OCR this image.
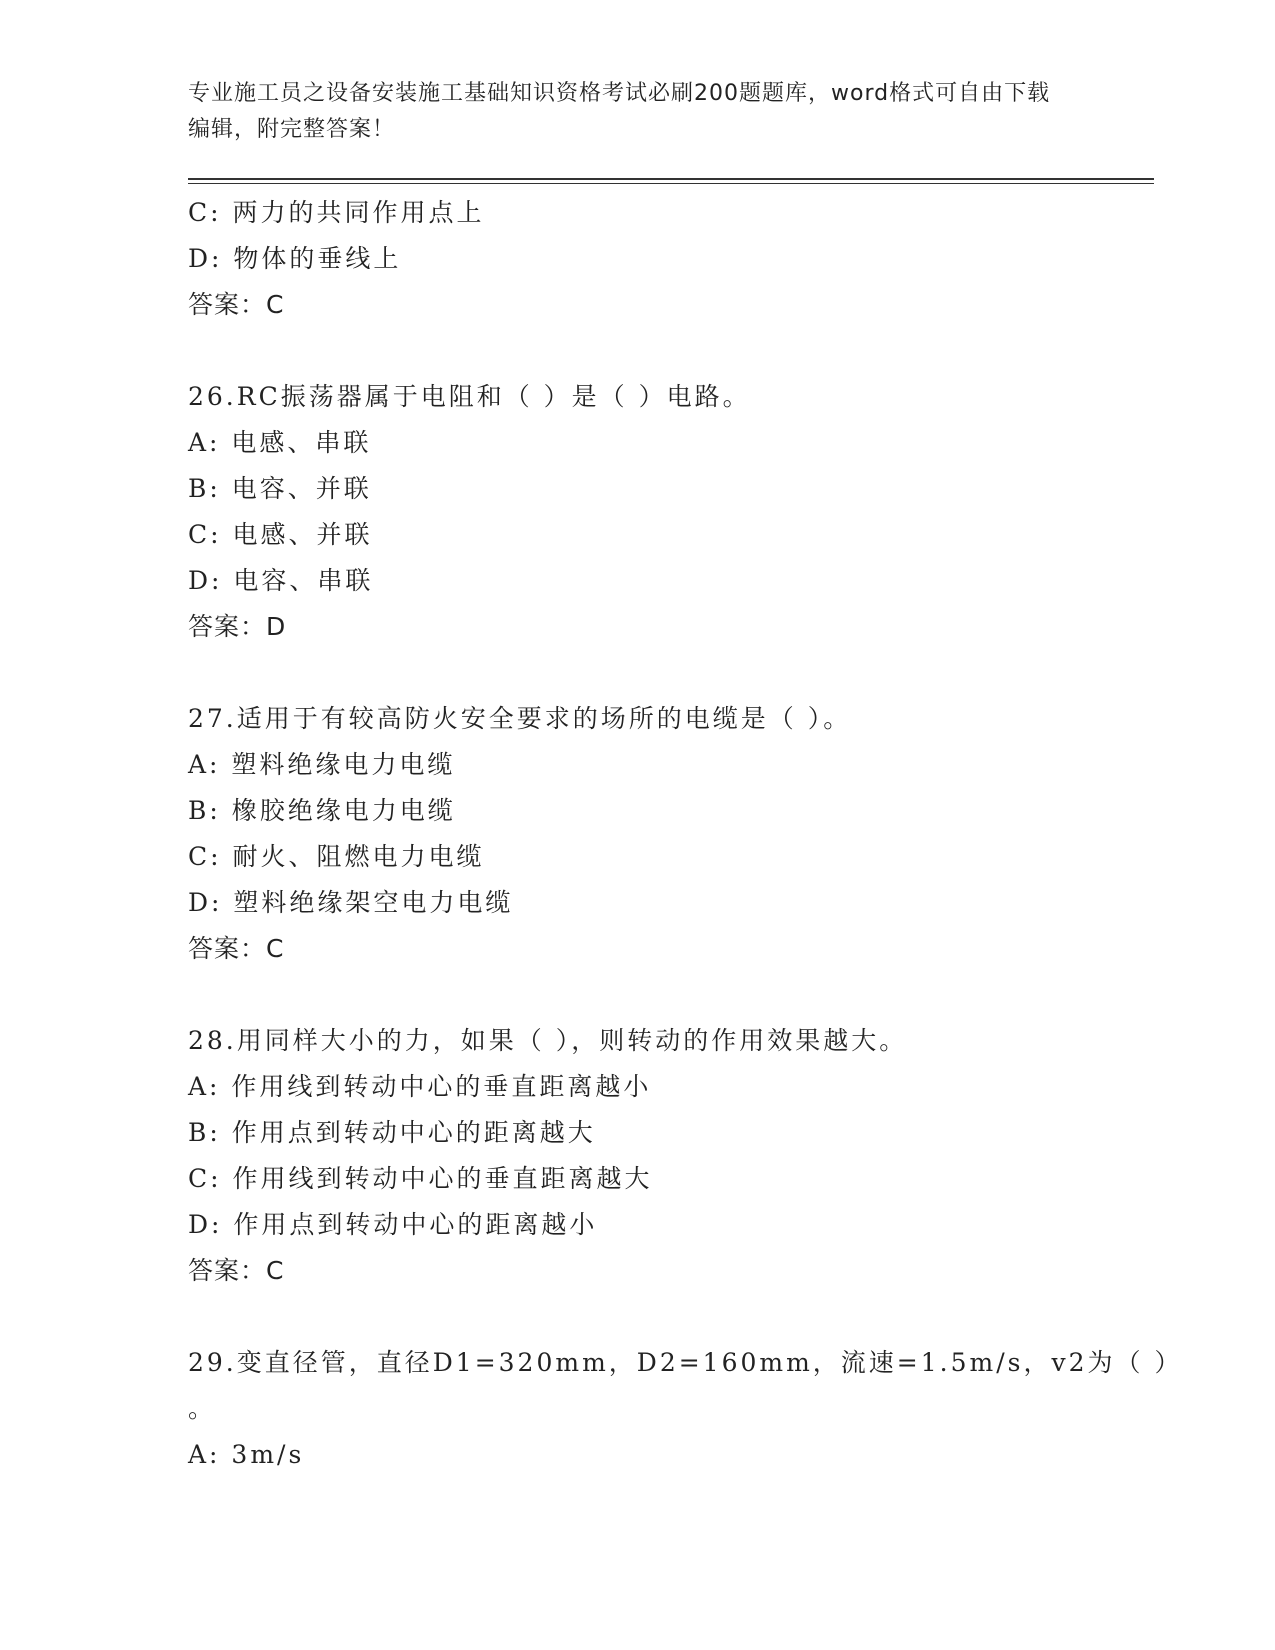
专业施工员之设备安装施工基础知识资格考试必刷200题题库，word格式可自由下载编辑，附完整答案！
C: 两力的共同作用点上
D: 物体的垂线上
答案：C
26.RC振荡器属于电阻和（ ）是（ ）电路。
A: 电感、串联
B: 电容、并联
C: 电感、并联
D: 电容、串联
答案：D
27.适用于有较高防火安全要求的场所的电缆是（ ）。
A: 塑料绝缘电力电缆
B: 橡胶绝缘电力电缆
C: 耐火、阻燃电力电缆
D: 塑料绝缘架空电力电缆
答案：C
28.用同样大小的力，如果（ ），则转动的作用效果越大。
A: 作用线到转动中心的垂直距离越小
B: 作用点到转动中心的距离越大
C: 作用线到转动中心的垂直距离越大
D: 作用点到转动中心的距离越小
答案：C
29.变直径管，直径D1=320mm，D2=160mm，流速=1.5m/s，v2为（ ）
。
A: 3m/s
